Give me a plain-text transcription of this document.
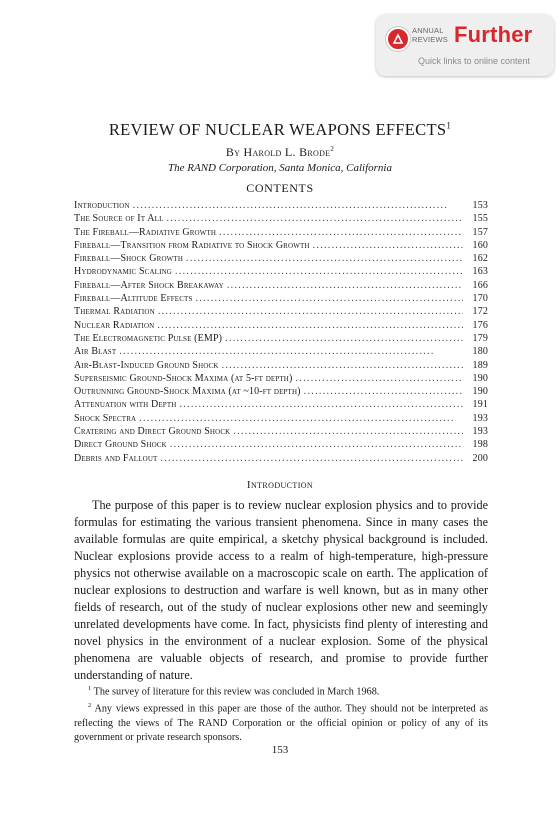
ANNUAL
REVIEWS Further
Quick links to online content
REVIEW OF NUCLEAR WEAPONS EFFECTS$^1$
By Harold L. Brode$^2$
The RAND Corporation, Santa Monica, California
CONTENTS
Introduction . . .	153
The Source of It All . . .	155
The Fireball—Radiative Growth . . .	157
Fireball—Transition from Radiative to Shock Growth . . .	160
Fireball—Shock Growth . . .	162
Hydrodynamic Scaling . . .	163
Fireball—After Shock Breakaway . . .	166
Fireball—Altitude Effects . . .	170
Thermal Radiation . . .	172
Nuclear Radiation . . .	176
The Electromagnetic Pulse (EMP) . . .	179
Air Blast . . .	180
Air-Blast-Induced Ground Shock . . .	189
Superseismic Ground-Shock Maxima (at 5-ft depth) . . .	190
Outrunning Ground-Shock Maxima (at ~10-ft depth) . . .	190
Attenuation with Depth . . .	191
Shock Spectra . . .	193
Cratering and Direct Ground Shock . . .	193
Direct Ground Shock . . .	198
Debris and Fallout . . .	200
Introduction

The purpose of this paper is to review nuclear explosion physics and to provide formulas for estimating the various transient phenomena. Since in many cases the available formulas are quite empirical, a sketchy physical background is included. Nuclear explosions provide access to a realm of high-temperature, high-pressure physics not otherwise available on a macroscopic scale on earth. The application of nuclear explosions to destruction and warfare is well known, but as in many other fields of research, out of the study of nuclear explosions other new and seemingly unrelated developments have come. In fact, physicists find plenty of interesting and novel physics in the environment of a nuclear explosion. Some of the physical phenomena are valuable objects of research, and promise to provide further understanding of nature.

$^1$ The survey of literature for this review was concluded in March 1968.

$^2$ Any views expressed in this paper are those of the author. They should not be interpreted as reflecting the views of The RAND Corporation or the official opinion or policy of any of its government or private research sponsors.

153
